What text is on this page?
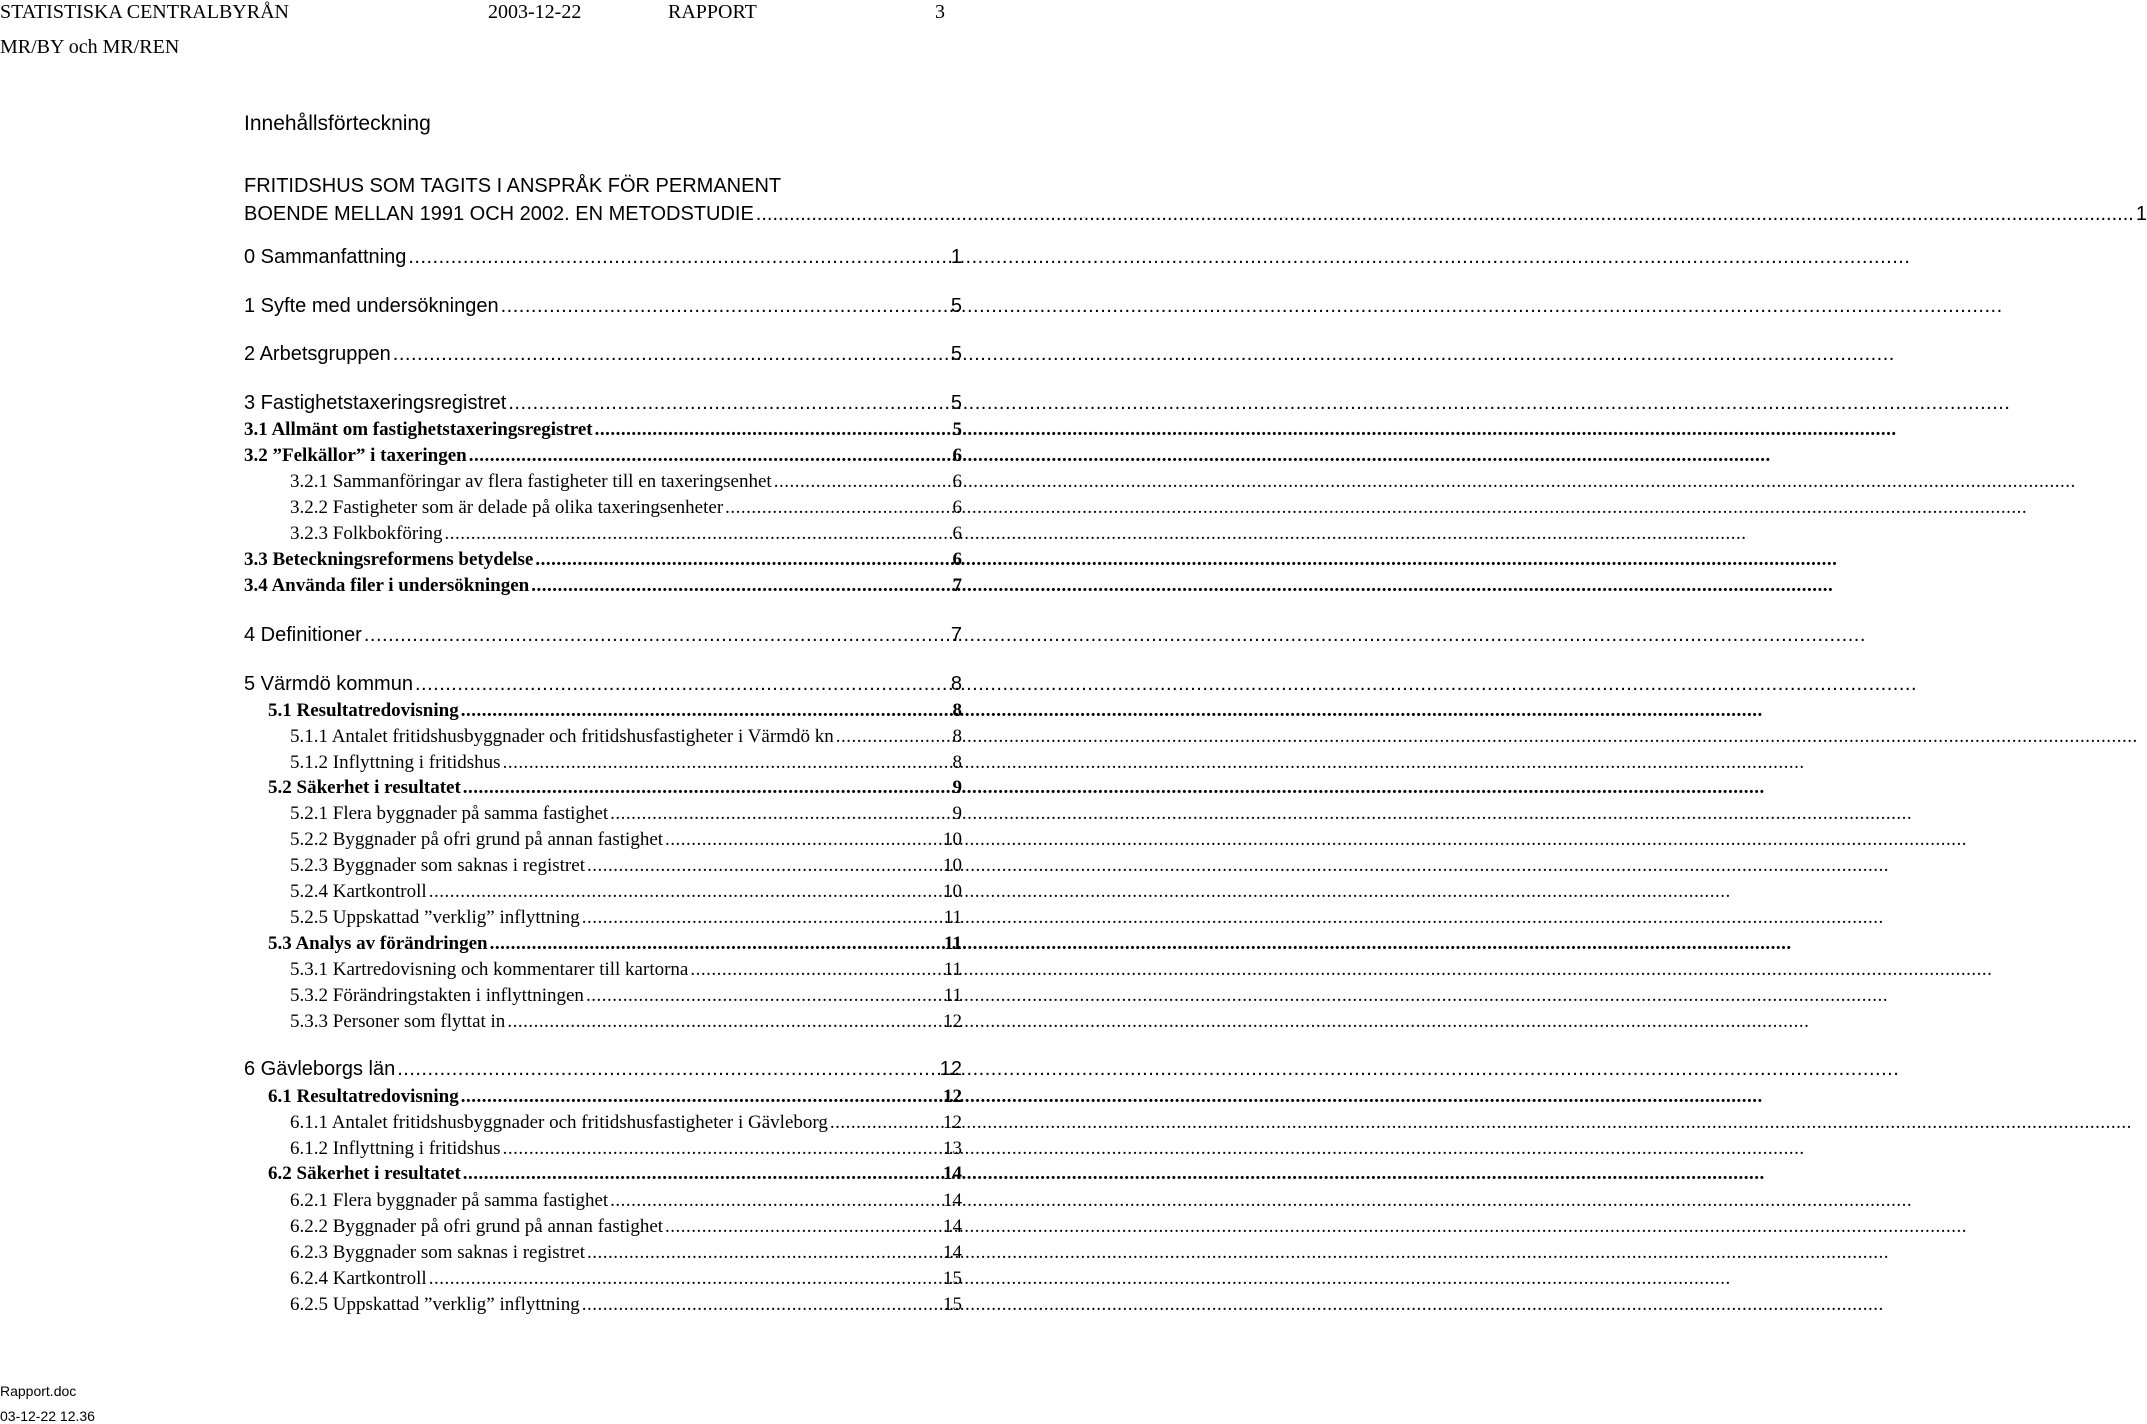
STATISTISKA CENTRALBYRÅN	2003-12-22	RAPPORT	3
MR/BY och MR/REN
Innehållsförteckning
FRITIDSHUS SOM TAGITS I ANSPRÅK FÖR PERMANENT
BOENDE MELLAN 1991 OCH 2002. EN METODSTUDIE .....	1
0 Sammanfattning .....	1
1 Syfte med undersökningen .....	5
2 Arbetsgruppen .....	5
3 Fastighetstaxeringsregistret .....	5
3.1 Allmänt om fastighetstaxeringsregistret .....	5
3.2 ”Felkällor” i taxeringen .....	6
3.2.1 Sammanföringar av flera fastigheter till en taxeringsenhet .....	6
3.2.2 Fastigheter som är delade på olika taxeringsenheter .....	6
3.2.3 Folkbokföring .....	6
3.3 Beteckningsreformens betydelse .....	6
3.4 Använda filer i undersökningen .....	7
4 Definitioner .....	7
5 Värmdö kommun .....	8
5.1 Resultatredovisning .....	8
5.1.1 Antalet fritidshusbyggnader och fritidshusfastigheter i Värmdö kn .....	8
5.1.2 Inflyttning i fritidshus .....	8
5.2 Säkerhet i resultatet .....	9
5.2.1 Flera byggnader på samma fastighet .....	9
5.2.2 Byggnader på ofri grund på annan fastighet .....	10
5.2.3 Byggnader som saknas i registret .....	10
5.2.4 Kartkontroll .....	10
5.2.5 Uppskattad ”verklig” inflyttning .....	11
5.3 Analys av förändringen .....	11
5.3.1 Kartredovisning och kommentarer till kartorna .....	11
5.3.2 Förändringstakten i inflyttningen .....	11
5.3.3 Personer som flyttat in .....	12
6 Gävleborgs län .....	12
6.1 Resultatredovisning .....	12
6.1.1 Antalet fritidshusbyggnader och fritidshusfastigheter i Gävleborg .....	12
6.1.2 Inflyttning i fritidshus .....	13
6.2 Säkerhet i resultatet .....	14
6.2.1 Flera byggnader på samma fastighet .....	14
6.2.2 Byggnader på ofri grund på annan fastighet .....	14
6.2.3 Byggnader som saknas i registret .....	14
6.2.4 Kartkontroll .....	15
6.2.5 Uppskattad ”verklig” inflyttning .....	15
Rapport.doc
03-12-22 12.36
